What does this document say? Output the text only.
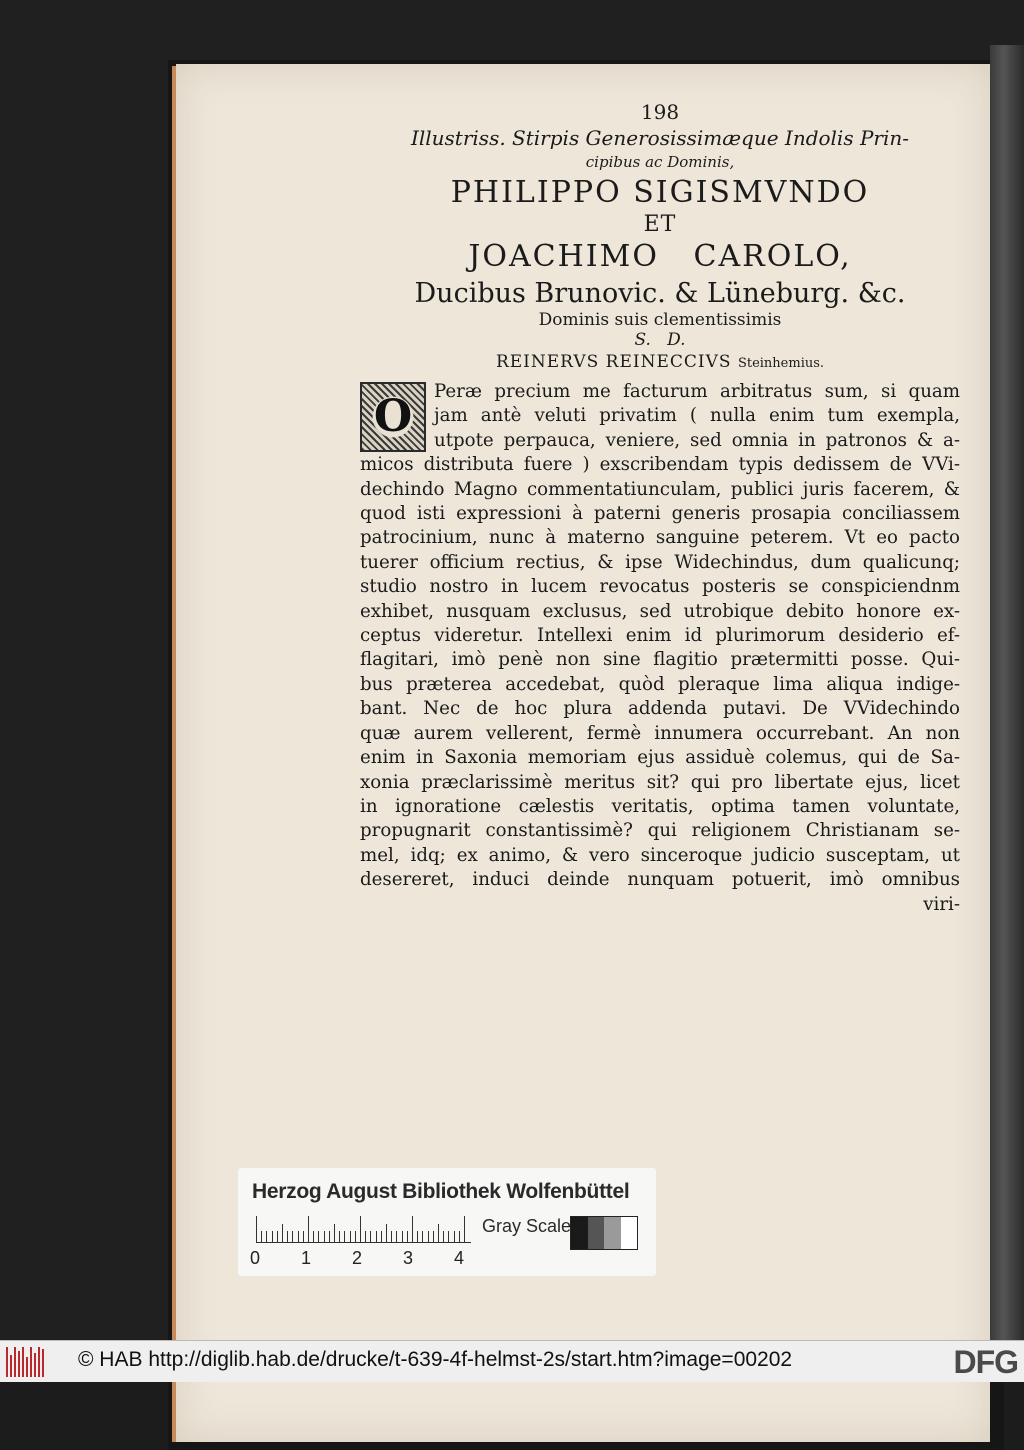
198
Illustriss. Stirpis Generosissimæque Indolis Prin-
cipibus ac Dominis,
PHILIPPO SIGISMVNDO
ET
JOACHIMO   CAROLO,
Ducibus Brunovic. & Lüneburg. &c.
Dominis suis clementissimis
S.   D.
REINERVS REINECCIVS Steinhemius.
O	Peræ precium me facturum arbitratus sum, si quam
jam antè veluti privatim ( nulla enim tum exempla,
utpote perpauca, veniere, sed omnia in patronos & a-
micos distributa fuere ) exscribendam typis dedissem de VVi-
dechindo Magno commentatiunculam, publici juris facerem, &
quod isti expressioni à paterni generis prosapia conciliassem
patrocinium, nunc à materno sanguine peterem. Vt eo pacto
tuerer officium rectius, & ipse Widechindus, dum qualicunq;
studio nostro in lucem revocatus posteris se conspiciendnm
exhibet, nusquam exclusus, sed utrobique debito honore ex-
ceptus videretur. Intellexi enim id plurimorum desiderio ef-
flagitari, imò penè non sine flagitio prætermitti posse. Qui-
bus præterea accedebat, quòd pleraque lima aliqua indige-
bant. Nec de hoc plura addenda putavi. De VVidechindo
quæ aurem vellerent, fermè innumera occurrebant. An non
enim in Saxonia memoriam ejus assiduè colemus, qui de Sa-
xonia præclarissimè meritus sit? qui pro libertate ejus, licet
in ignoratione cælestis veritatis, optima tamen voluntate,
propugnarit constantissimè? qui religionem Christianam se-
mel, idq; ex animo, & vero sinceroque judicio susceptam, ut
desereret, induci deinde nunquam potuerit, imò omnibus
viri-
Herzog August Bibliothek Wolfenbüttel
0 1 2 3 4
Gray Scale
© HAB http://diglib.hab.de/drucke/t-639-4f-helmst-2s/start.htm?image=00202	DFG
